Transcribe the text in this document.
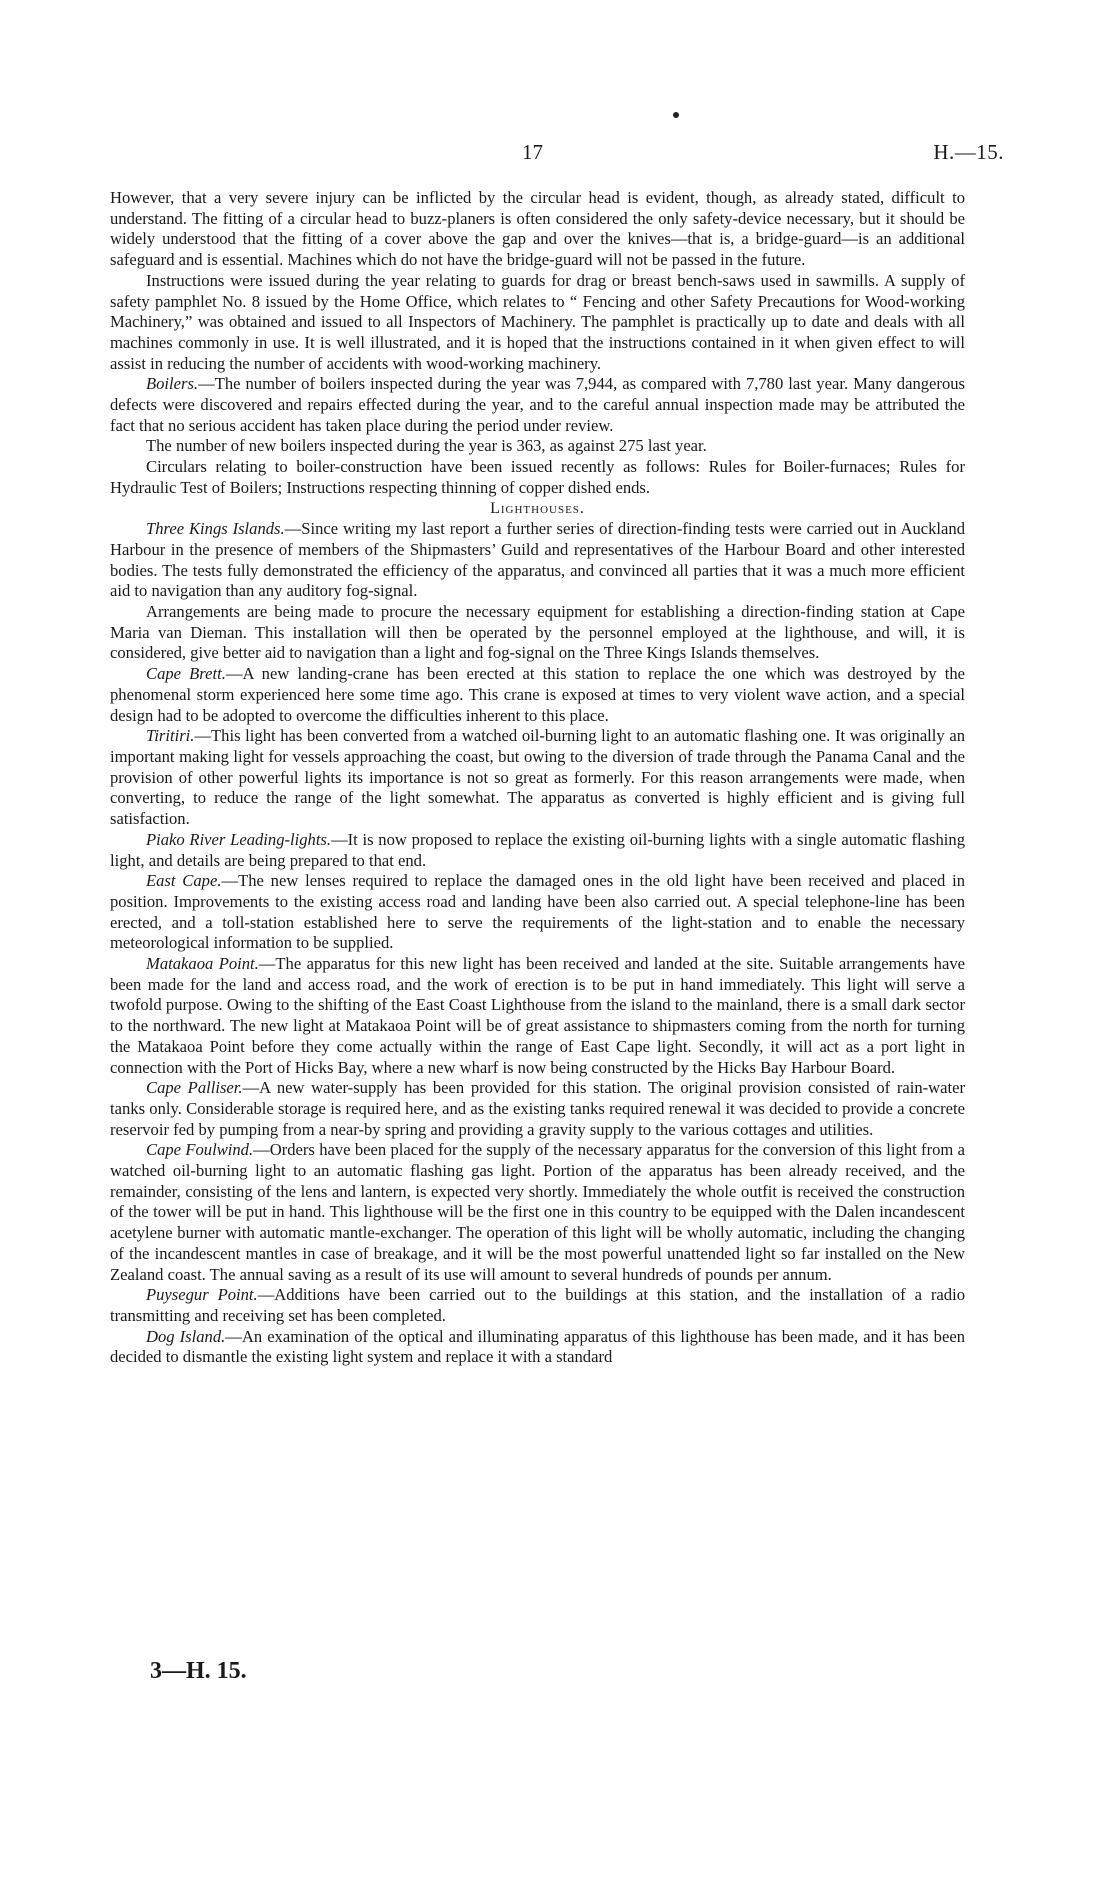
17	H.—15.

However, that a very severe injury can be inflicted by the circular head is evident, though, as already stated, difficult to understand. The fitting of a circular head to buzz-planers is often considered the only safety-device necessary, but it should be widely understood that the fitting of a cover above the gap and over the knives—that is, a bridge-guard—is an additional safeguard and is essential. Machines which do not have the bridge-guard will not be passed in the future.

Instructions were issued during the year relating to guards for drag or breast bench-saws used in sawmills. A supply of safety pamphlet No. 8 issued by the Home Office, which relates to “ Fencing and other Safety Precautions for Wood-working Machinery,” was obtained and issued to all Inspectors of Machinery. The pamphlet is practically up to date and deals with all machines commonly in use. It is well illustrated, and it is hoped that the instructions contained in it when given effect to will assist in reducing the number of accidents with wood-working machinery.

Boilers.—The number of boilers inspected during the year was 7,944, as compared with 7,780 last year. Many dangerous defects were discovered and repairs effected during the year, and to the careful annual inspection made may be attributed the fact that no serious accident has taken place during the period under review.

The number of new boilers inspected during the year is 363, as against 275 last year.

Circulars relating to boiler-construction have been issued recently as follows: Rules for Boiler-furnaces; Rules for Hydraulic Test of Boilers; Instructions respecting thinning of copper dished ends.

Lighthouses.

Three Kings Islands.—Since writing my last report a further series of direction-finding tests were carried out in Auckland Harbour in the presence of members of the Shipmasters’ Guild and representatives of the Harbour Board and other interested bodies. The tests fully demonstrated the efficiency of the apparatus, and convinced all parties that it was a much more efficient aid to navigation than any auditory fog-signal.

Arrangements are being made to procure the necessary equipment for establishing a direction-finding station at Cape Maria van Dieman. This installation will then be operated by the personnel employed at the lighthouse, and will, it is considered, give better aid to navigation than a light and fog-signal on the Three Kings Islands themselves.

Cape Brett.—A new landing-crane has been erected at this station to replace the one which was destroyed by the phenomenal storm experienced here some time ago. This crane is exposed at times to very violent wave action, and a special design had to be adopted to overcome the difficulties inherent to this place.

Tiritiri.—This light has been converted from a watched oil-burning light to an automatic flashing one. It was originally an important making light for vessels approaching the coast, but owing to the diversion of trade through the Panama Canal and the provision of other powerful lights its importance is not so great as formerly. For this reason arrangements were made, when converting, to reduce the range of the light somewhat. The apparatus as converted is highly efficient and is giving full satisfaction.

Piako River Leading-lights.—It is now proposed to replace the existing oil-burning lights with a single automatic flashing light, and details are being prepared to that end.

East Cape.—The new lenses required to replace the damaged ones in the old light have been received and placed in position. Improvements to the existing access road and landing have been also carried out. A special telephone-line has been erected, and a toll-station established here to serve the requirements of the light-station and to enable the necessary meteorological information to be supplied.

Matakaoa Point.—The apparatus for this new light has been received and landed at the site. Suitable arrangements have been made for the land and access road, and the work of erection is to be put in hand immediately. This light will serve a twofold purpose. Owing to the shifting of the East Coast Lighthouse from the island to the mainland, there is a small dark sector to the northward. The new light at Matakaoa Point will be of great assistance to shipmasters coming from the north for turning the Matakaoa Point before they come actually within the range of East Cape light. Secondly, it will act as a port light in connection with the Port of Hicks Bay, where a new wharf is now being constructed by the Hicks Bay Harbour Board.

Cape Palliser.—A new water-supply has been provided for this station. The original provision consisted of rain-water tanks only. Considerable storage is required here, and as the existing tanks required renewal it was decided to provide a concrete reservoir fed by pumping from a near-by spring and providing a gravity supply to the various cottages and utilities.

Cape Foulwind.—Orders have been placed for the supply of the necessary apparatus for the conversion of this light from a watched oil-burning light to an automatic flashing gas light. Portion of the apparatus has been already received, and the remainder, consisting of the lens and lantern, is expected very shortly. Immediately the whole outfit is received the construction of the tower will be put in hand. This lighthouse will be the first one in this country to be equipped with the Dalen incandescent acetylene burner with automatic mantle-exchanger. The operation of this light will be wholly automatic, including the changing of the incandescent mantles in case of breakage, and it will be the most powerful unattended light so far installed on the New Zealand coast. The annual saving as a result of its use will amount to several hundreds of pounds per annum.

Puysegur Point.—Additions have been carried out to the buildings at this station, and the installation of a radio transmitting and receiving set has been completed.

Dog Island.—An examination of the optical and illuminating apparatus of this lighthouse has been made, and it has been decided to dismantle the existing light system and replace it with a standard

3—H. 15.
